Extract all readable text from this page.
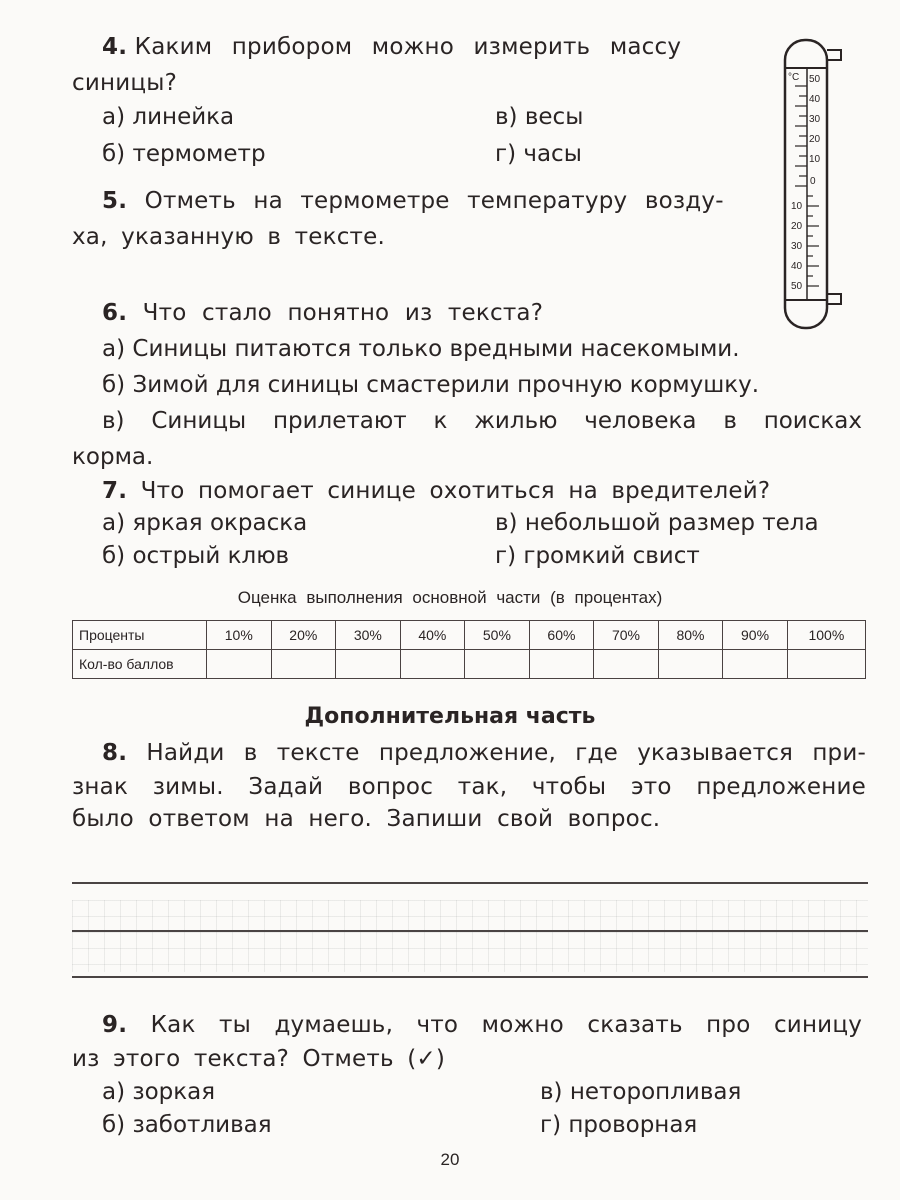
4. Каким прибором можно измерить массу
синицы?
а) линейка
б) термометр
в) весы
г) часы
5. Отметь на термометре температуру возду-
ха, указанную в тексте.
°C 50
40
30
20
10
0
10
20
30
40
50
6. Что стало понятно из текста?
а) Синицы питаются только вредными насекомыми.
б) Зимой для синицы смастерили прочную кормушку.
в) Синицы прилетают к жилью человека в поисках
корма.
7. Что помогает синице охотиться на вредителей?
а) яркая окраска
б) острый клюв
в) небольшой размер тела
г) громкий свист
Оценка выполнения основной части (в процентах)
Проценты	10%	20%	30%	40%	50%	60%	70%	80%	90%	100%
Кол-во баллов										
Дополнительная часть
8. Найди в тексте предложение, где указывается при-
знак зимы. Задай вопрос так, чтобы это предложение
было ответом на него. Запиши свой вопрос.
9. Как ты думаешь, что можно сказать про синицу
из этого текста? Отметь (✓)
а) зоркая
б) заботливая
в) неторопливая
г) проворная
20
